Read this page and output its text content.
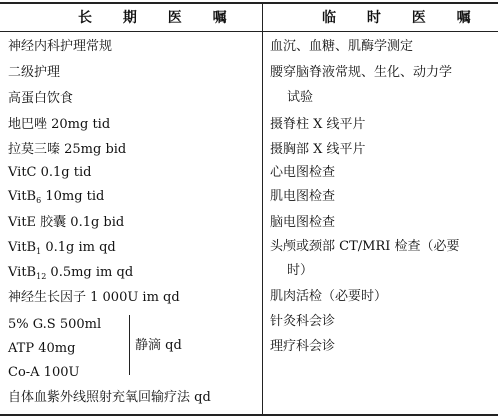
长 期 医 嘱	临 时 医 嘱
神经内科护理常规
二级护理
高蛋白饮食
地巴唑 20mg tid
拉莫三嗪 25mg bid
VitC 0.1g tid
VitB$_6$ 10mg tid
VitE 胶囊 0.1g bid
VitB$_1$ 0.1g im qd
VitB$_{12}$ 0.5mg im qd
神经生长因子 1 000U im qd
5% G.S 500ml
ATP 40mg
Co-A 100U
自体血紫外线照射充氧回输疗法 qd
静滴 qd
血沉、血糖、肌酶学测定
腰穿脑脊液常规、生化、动力学
试验
摄脊柱 X 线平片
摄胸部 X 线平片
心电图检查
肌电图检查
脑电图检查
头颅或颈部 CT/MRI 检查（必要
时）
肌肉活检（必要时）
针灸科会诊
理疗科会诊
